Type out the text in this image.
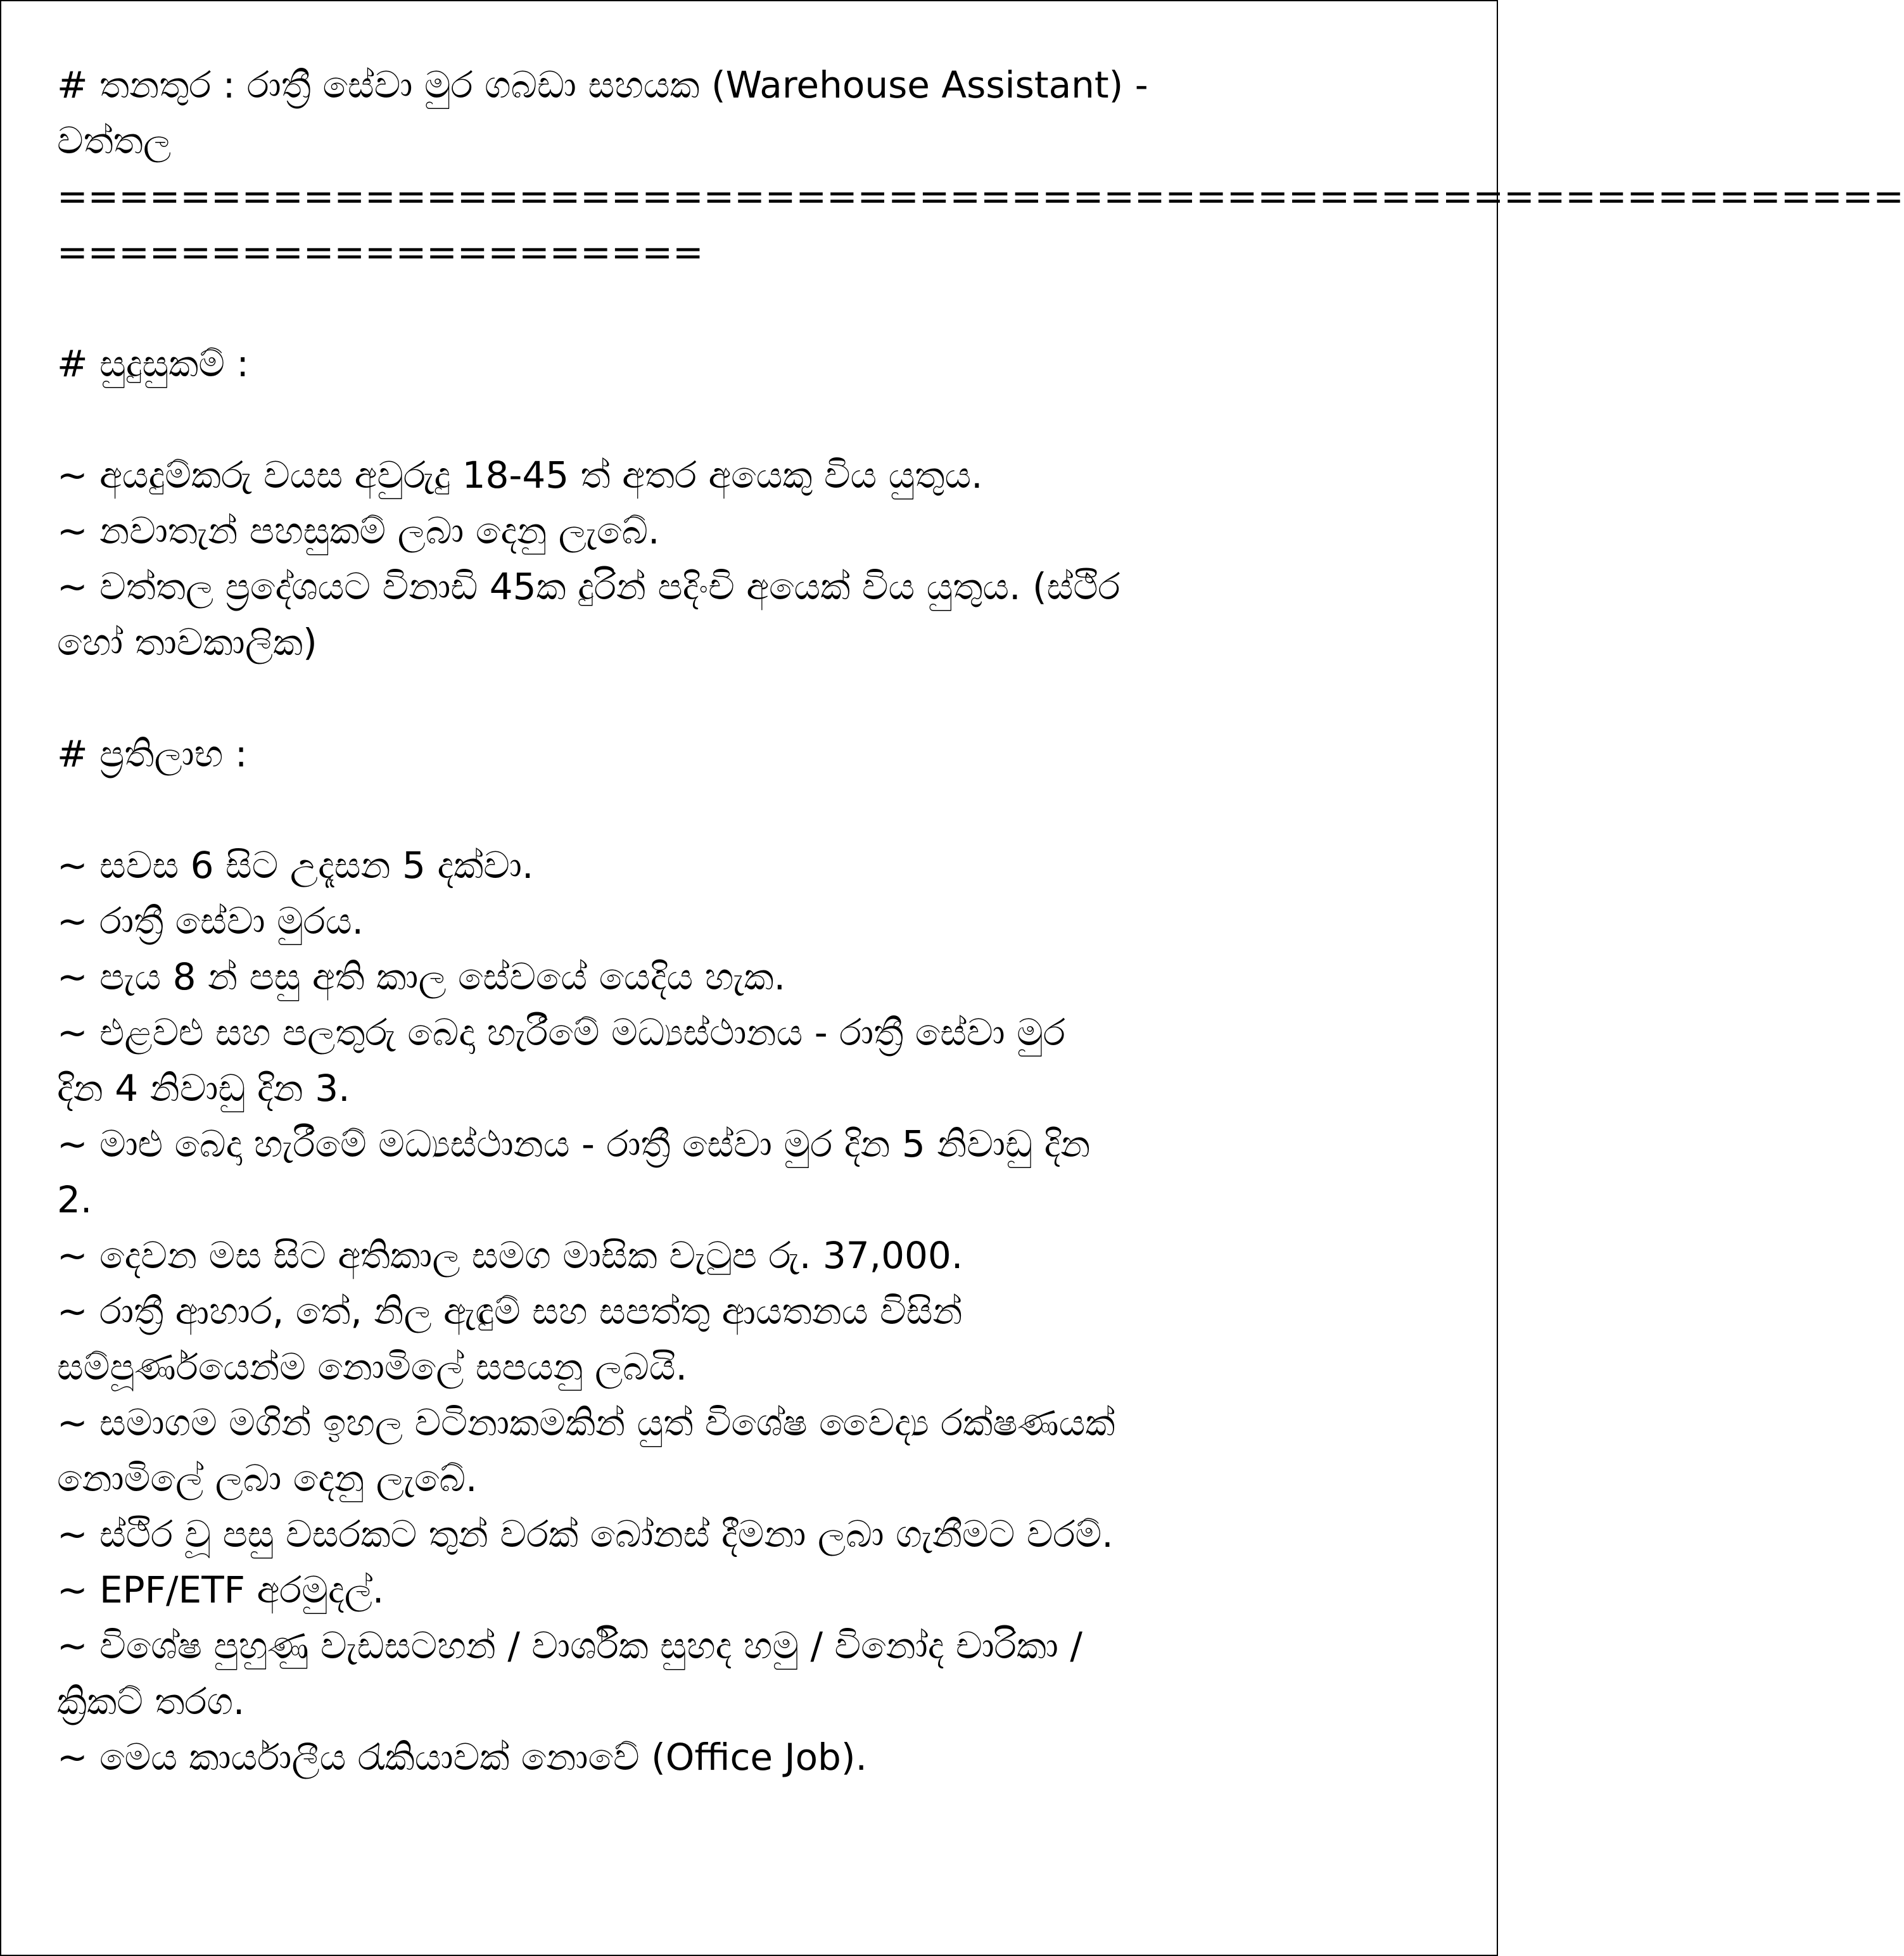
# තනතුර : රාත්‍රී සේවා මුර ගබඩා සහයක (Warehouse Assistant) -

වත්තල

============================================================

=====================

# සුදුසුකම් :

~ අයදුම්කරු වයස අවුරුදු 18-45 ත් අතර අයෙකු විය යුතුය.

~ නවාතැන් පහසුකම් ලබා දෙනු ලැබේ.

~ වත්තල ප්‍රදේශයට විනාඩි 45ක දුරින් පදිංචි අයෙක් විය යුතුය. (ස්ථිර

හෝ තාවකාලික)

# ප්‍රතිලාභ :

~ සවස 6 සිට උදෑසන 5 දක්වා.

~ රාත්‍රී සේවා මුරය.

~ පැය 8 න් පසු අති කාල සේවයේ යෙදිය හැක.

~ එළවළු සහ පලතුරු බෙදා හැරීමේ මධ්‍යස්ථානය - රාත්‍රී සේවා මුර

දින 4 නිවාඩු දින 3.

~ මාළු බෙදා හැරීමේ මධ්‍යස්ථානය - රාත්‍රී සේවා මුර දින 5 නිවාඩු දින

2.

~ දෙවන මස සිට අතිකාල සමග මාසික වැටුප රු. 37,000.

~ රාත්‍රී ආහාර, තේ, නිල ඇඳුම් සහ සපත්තු ආයතනය විසින්

සම්පූර්ණයෙන්ම නොමිලේ සපයනු ලබයි.

~ සමාගම මගින් ඉහල වටිනාකමකින් යුත් විශේෂ වෛද්‍ය රක්ෂණයක්

නොමිලේ ලබා දෙනු ලැබේ.

~ ස්ථිර වූ පසු වසරකට තුන් වරක් බෝනස් දීමනා ලබා ගැනීමට වරම්.

~ EPF/ETF අරමුදල්.

~ විශේෂ පුහුණු වැඩසටහන් / වාර්ශික සුහද හමු / විනෝද චාරිකා /

ක්‍රිකට් තරග.

~ මෙය කාර්යාලීය රැකියාවක් නොවේ (Office Job).
